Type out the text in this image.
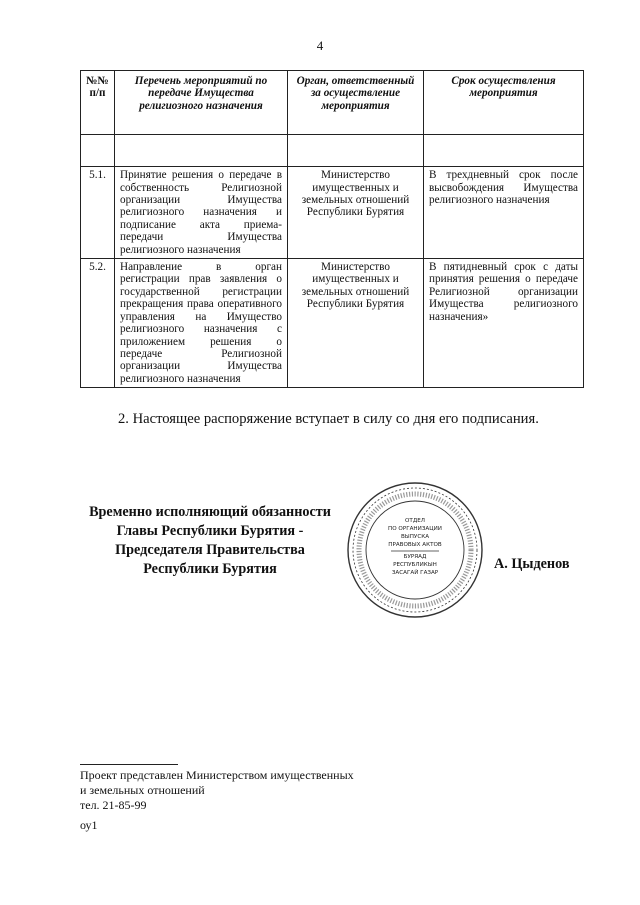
4
№№ п/п	Перечень мероприятий по передаче Имущества религиозного назначения	Орган, ответственный за осуществление мероприятия	Срок осуществления мероприятия

5.1.	Принятие решения о передаче в собственность Религиозной организации Имущества религиозного назначения и подписание акта приема-передачи Имущества религиозного назначения	Министерство имущественных и земельных отношений Республики Бурятия	В трехдневный срок после высвобождения Имущества религиозного назначения
5.2.	Направление в орган регистрации прав заявления о государственной регистрации прекращения права оперативного управления на Имущество религиозного назначения с приложением решения о передаче Религиозной организации Имущества религиозного назначения	Министерство имущественных и земельных отношений Республики Бурятия	В пятидневный срок с даты принятия решения о передаче Религиозной организации Имущества религиозного назначения»
2. Настоящее распоряжение вступает в силу со дня его подписания.
Временно исполняющий обязанности
Главы Республики Бурятия -
Председателя Правительства
Республики Бурятия
ОТДЕЛ
ПО ОРГАНИЗАЦИИ
ВЫПУСКА
ПРАВОВЫХ АКТОВ
БУРЯАД
РЕСПУБЛИКЫН
ЗАСАГАЙ ГАЗАР
А. Цыденов
Проект представлен Министерством имущественных
и земельных отношений
тел. 21-85-99
оу1
